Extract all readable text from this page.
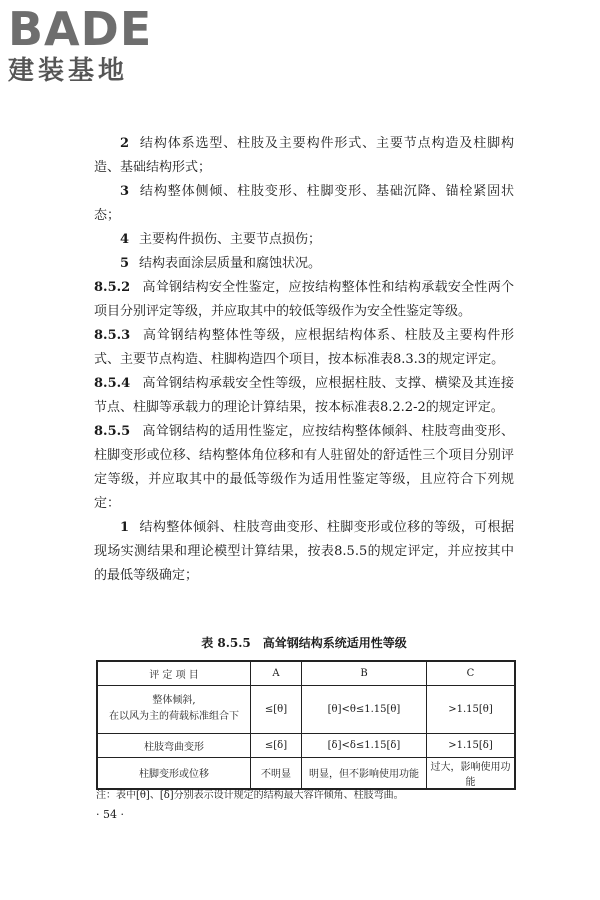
BADE
建装基地

2 结构体系选型、柱肢及主要构件形式、主要节点构造及柱脚构造、基础结构形式；

3 结构整体侧倾、柱肢变形、柱脚变形、基础沉降、锚栓紧固状态；

4 主要构件损伤、主要节点损伤；

5 结构表面涂层质量和腐蚀状况。

8.5.2 高耸钢结构安全性鉴定，应按结构整体性和结构承载安全性两个项目分别评定等级，并应取其中的较低等级作为安全性鉴定等级。

8.5.3 高耸钢结构整体性等级，应根据结构体系、柱肢及主要构件形式、主要节点构造、柱脚构造四个项目，按本标准表8.3.3的规定评定。

8.5.4 高耸钢结构承载安全性等级，应根据柱肢、支撑、横梁及其连接节点、柱脚等承载力的理论计算结果，按本标准表8.2.2-2的规定评定。

8.5.5 高耸钢结构的适用性鉴定，应按结构整体倾斜、柱肢弯曲变形、柱脚变形或位移、结构整体角位移和有人驻留处的舒适性三个项目分别评定等级，并应取其中的最低等级作为适用性鉴定等级，且应符合下列规定：

1 结构整体倾斜、柱肢弯曲变形、柱脚变形或位移的等级，可根据现场实测结果和理论模型计算结果，按表8.5.5的规定评定，并应按其中的最低等级确定；

表 8.5.5　高耸钢结构系统适用性等级
评 定 项 目	A	B	C
整体倾斜,
在以风为主的荷载标准组合下	≤[θ]	[θ]<θ≤1.15[θ]	>1.15[θ]
柱肢弯曲变形	≤[δ]	[δ]<δ≤1.15[δ]	>1.15[δ]
柱脚变形或位移	不明显	明显，但不影响使用功能	过大，影响使用功能
注：表中[θ]、[δ]分别表示设计规定的结构最大容许倾角、柱肢弯曲。
· 54 ·
